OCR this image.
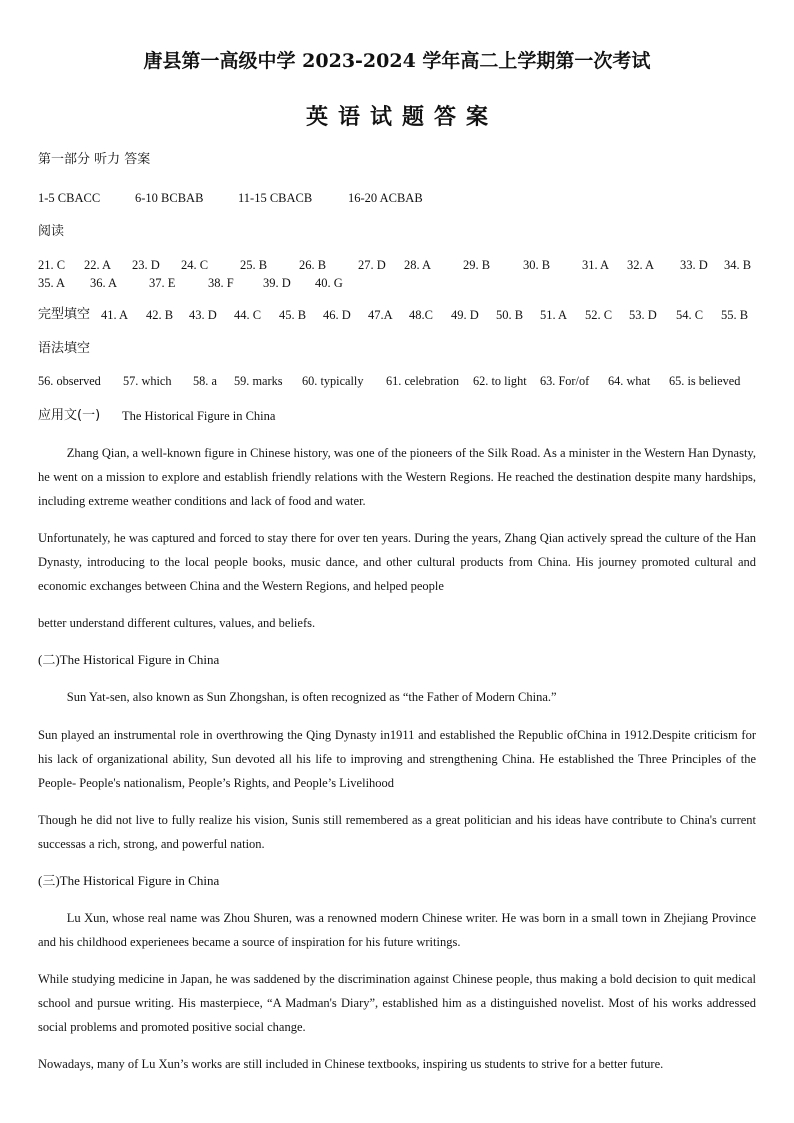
唐县第一高级中学 2023-2024 学年高二上学期第一次考试
英语试题答案
第一部分 听力 答案
1-5 CBACC	6-10 BCBAB	11-15 CBACB	16-20 ACBAB
阅读
21. C 22. A 23. D 24. C	25. B	26. B	27. D 28. A	29. B	30. B	31. A 32. A 33. D 34. B
35. A 36. A	37. E	38. F 39. D 40. G
完型填空 41. A 42. B 43. D 44. C 45. B 46. D 47.A 48.C 49. D 50. B 51. A 52. C 53. D 54. C 55. B
语法填空
56. observed 57. which 58. a 59. marks 60. typically 61. celebration 62. to light 63. For/of 64. what 65. is believed
应用文(一) The Historical Figure in China
Zhang Qian, a well-known figure in Chinese history, was one of the pioneers of the Silk Road. As a minister in the Western Han Dynasty, he went on a mission to explore and establish friendly relations with the Western Regions. He reached the destination despite many hardships, including extreme weather conditions and lack of food and water.
Unfortunately, he was captured and forced to stay there for over ten years. During the years, Zhang Qian actively spread the culture of the Han Dynasty, introducing to the local people books, music dance, and other cultural products from China. His journey promoted cultural and economic exchanges between China and the Western Regions, and helped people
better understand different cultures, values, and beliefs.
(二)The Historical Figure in China
Sun Yat-sen, also known as Sun Zhongshan, is often recognized as “the Father of Modern China.”
Sun played an instrumental role in overthrowing the Qing Dynasty in1911 and established the Republic ofChina in 1912.Despite criticism for his lack of organizational ability, Sun devoted all his life to improving and strengthening China. He established the Three Principles of the People- People's nationalism, People’s Rights, and People’s Livelihood
Though he did not live to fully realize his vision, Sunis still remembered as a great politician and his ideas have contribute to China's current successas a rich, strong, and powerful nation.
(三)The Historical Figure in China
Lu Xun, whose real name was Zhou Shuren, was a renowned modern Chinese writer. He was born in a small town in Zhejiang Province and his childhood experienees became a source of inspiration for his future writings.
While studying medicine in Japan, he was saddened by the discrimination against Chinese people, thus making a bold decision to quit medical school and pursue writing. His masterpiece, “A Madman's Diary”, established him as a distinguished novelist. Most of his works addressed social problems and promoted positive social change.
Nowadays, many of Lu Xun’s works are still included in Chinese textbooks, inspiring us students to strive for a better future.
